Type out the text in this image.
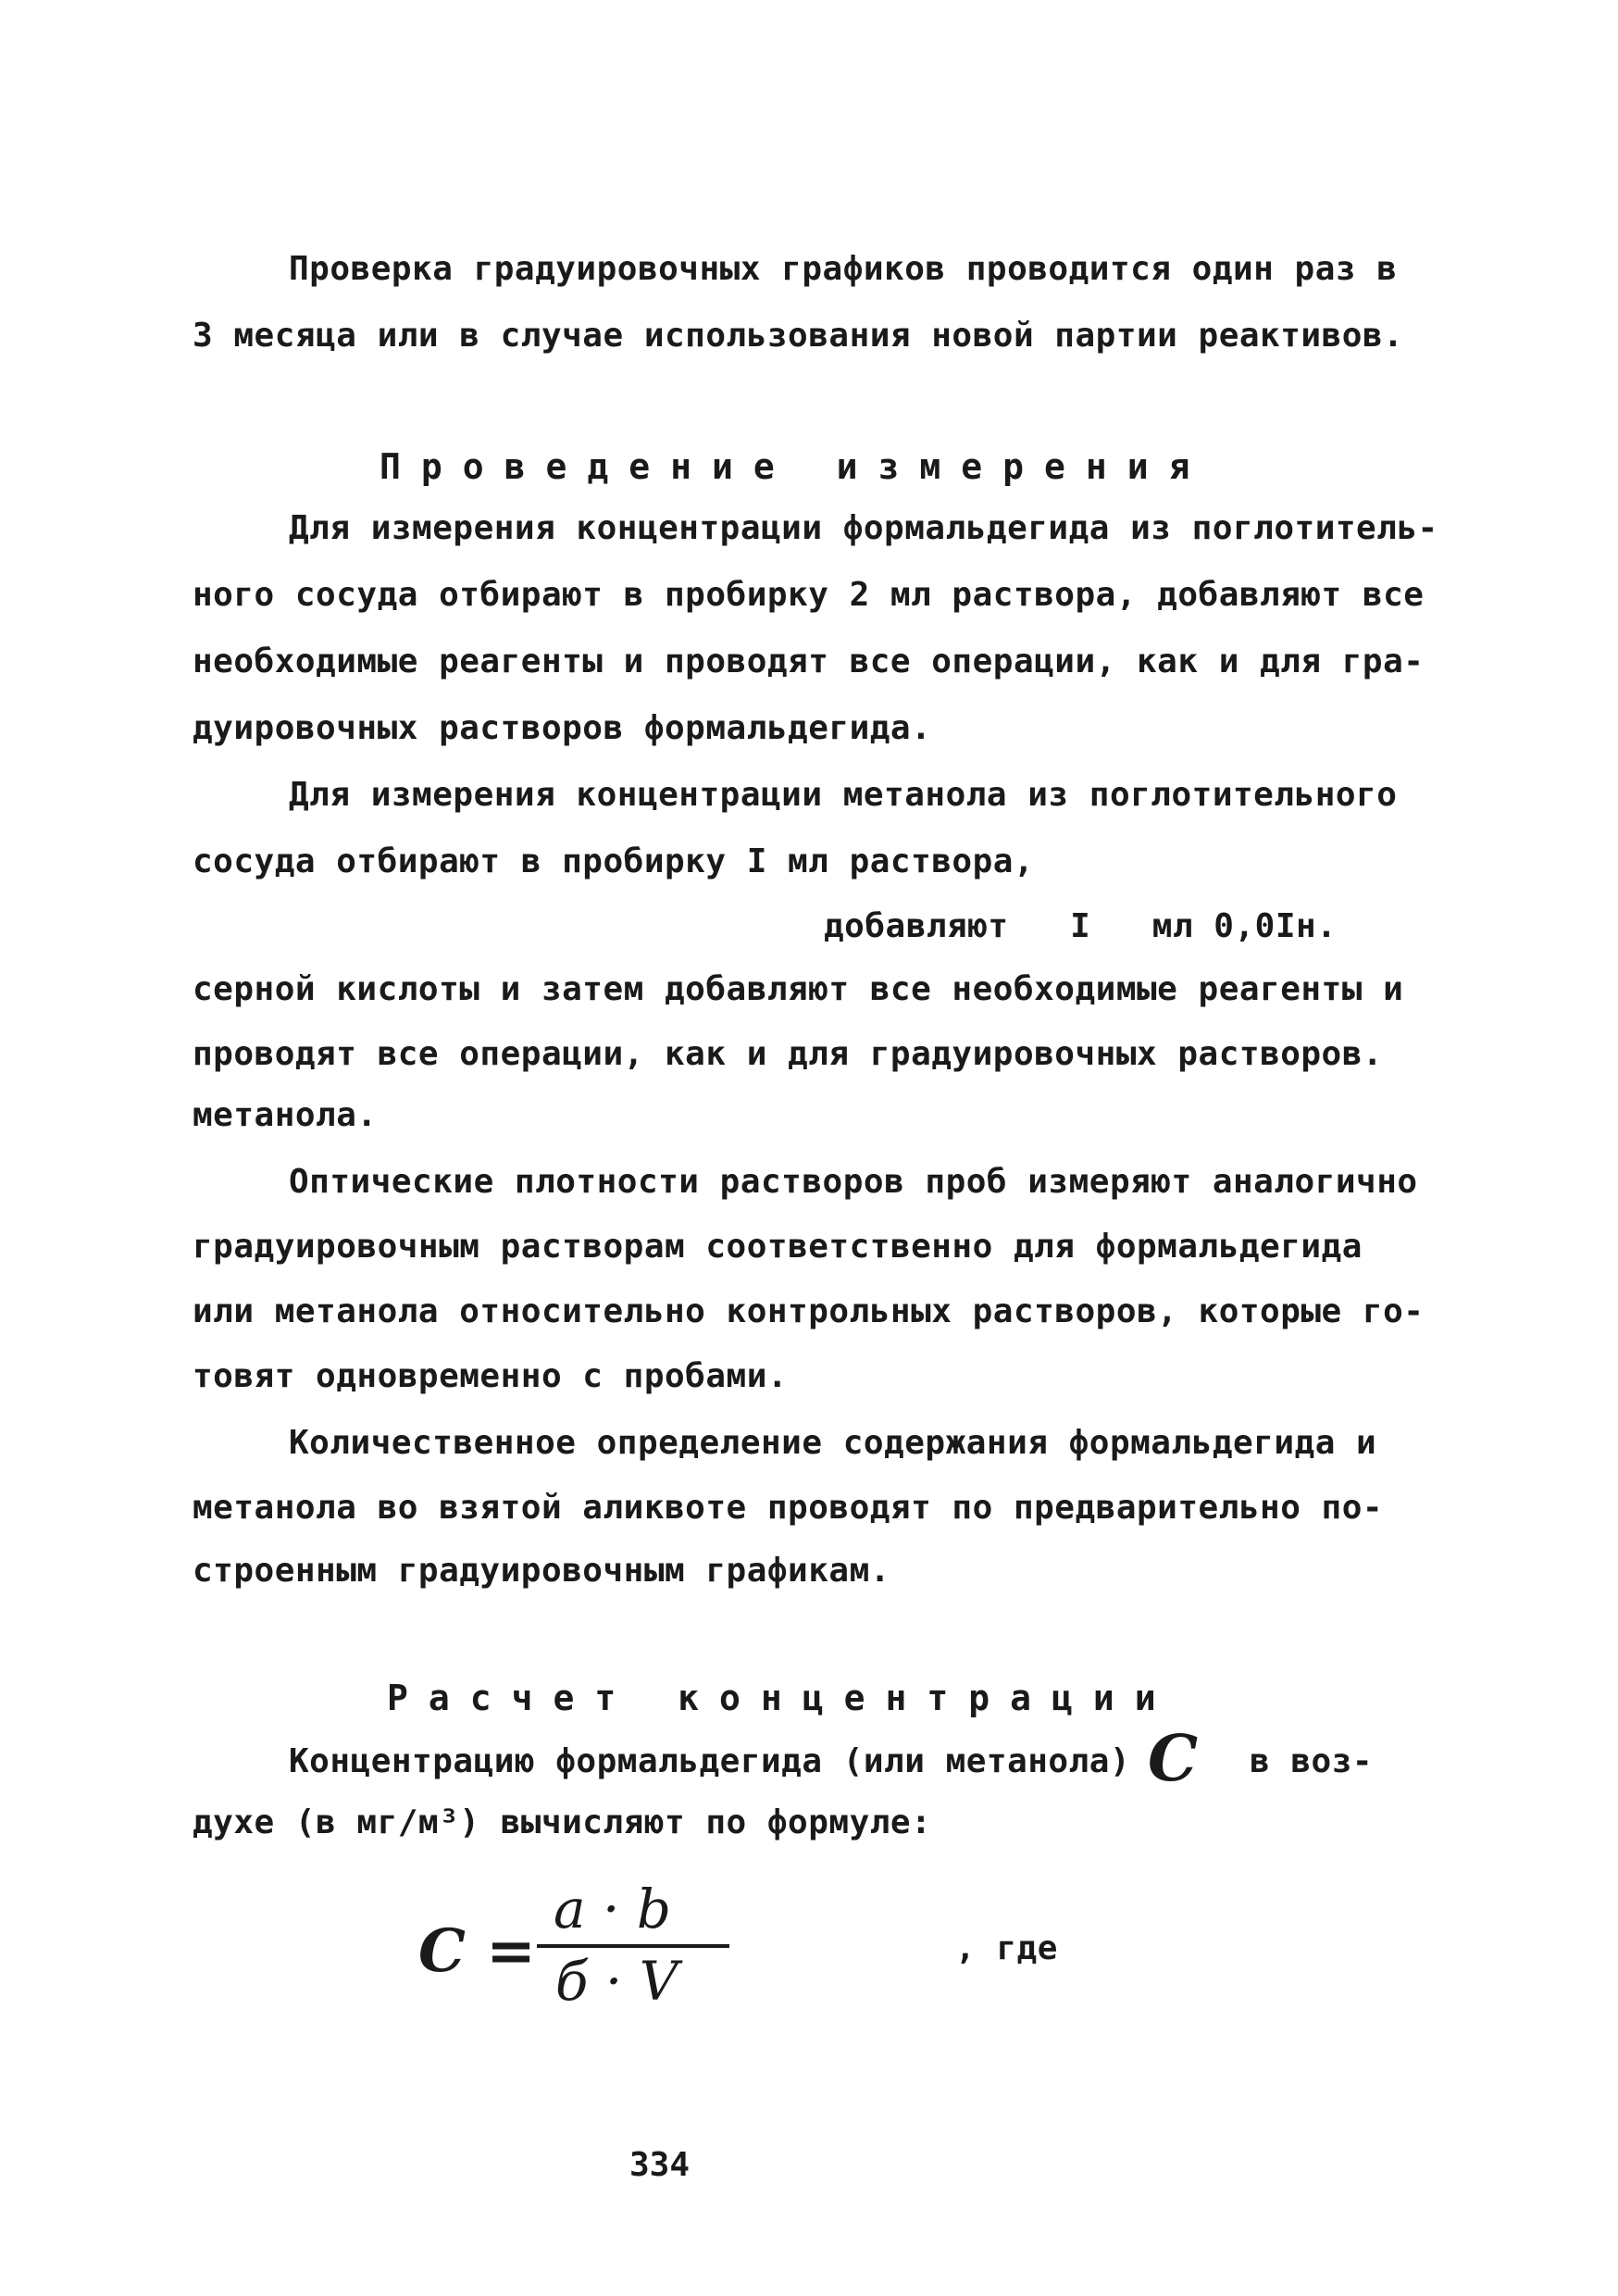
Проверка градуировочных графиков проводится один раз в
3 месяца или в случае использования новой партии реактивов.
Проведение измерения
Для измерения концентрации формальдегида из поглотитель-
ного сосуда отбирают в пробирку 2 мл раствора, добавляют все
необходимые реагенты и проводят все операции, как и для гра-
дуировочных растворов формальдегида.
Для измерения концентрации метанола из поглотительного
сосуда отбирают в пробирку I мл раствора,
добавляют   I   мл 0,0Iн.
серной кислоты и затем добавляют все необходимые реагенты и
проводят все операции, как и для градуировочных растворов.
метанола.
Оптические плотности растворов проб измеряют аналогично
градуировочным растворам соответственно для формальдегида
или метанола относительно контрольных растворов, которые го-
товят одновременно с пробами.
Количественное определение содержания формальдегида и
метанола во взятой аликвоте проводят по предварительно по-
строенным градуировочным графикам.
Расчет концентрации
Концентрацию формальдегида (или метанола) C в воз-
духе (в мг/м³) вычисляют по формуле:
C =
a · b
б · V
, где
334
